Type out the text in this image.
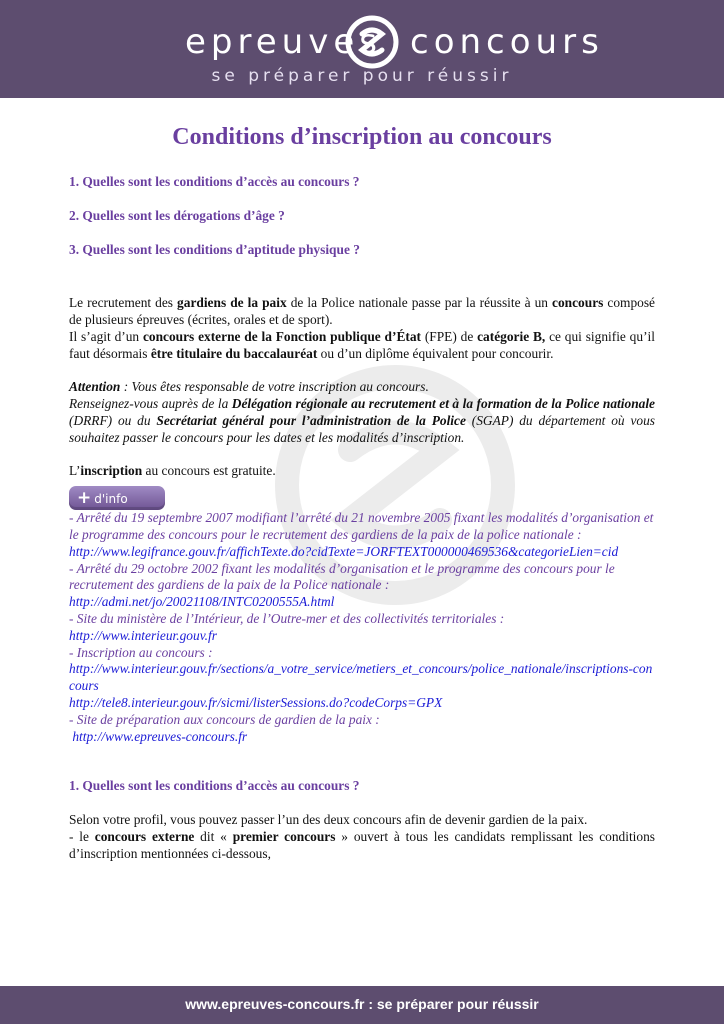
epreuves concours
se préparer pour réussir
Conditions d’inscription au concours
1. Quelles sont les conditions d’accès au concours ?
2. Quelles sont les dérogations d’âge ?
3. Quelles sont les conditions d’aptitude physique ?

Le recrutement des gardiens de la paix de la Police nationale passe par la réussite à un concours composé de plusieurs épreuves (écrites, orales et de sport).
Il s’agit d’un concours externe de la Fonction publique d’État (FPE) de catégorie B, ce qui signifie qu’il faut désormais être titulaire du baccalauréat ou d’un diplôme équivalent pour concourir.

Attention : Vous êtes responsable de votre inscription au concours.
Renseignez-vous auprès de la Délégation régionale au recrutement et à la formation de la Police nationale (DRRF) ou du Secrétariat général pour l’administration de la Police (SGAP) du département où vous souhaitez passer le concours pour les dates et les modalités d’inscription.

L’inscription au concours est gratuite.

+ d'info

- Arrêté du 19 septembre 2007 modifiant l’arrêté du 21 novembre 2005 fixant les modalités d’organisation et le programme des concours pour le recrutement des gardiens de la paix de la police nationale :
http://www.legifrance.gouv.fr/affichTexte.do?cidTexte=JORFTEXT000000469536&categorieLien=cid
- Arrêté du 29 octobre 2002 fixant les modalités d’organisation et le programme des concours pour le recrutement des gardiens de la paix de la Police nationale :
http://admi.net/jo/20021108/INTC0200555A.html
- Site du ministère de l’Intérieur, de l’Outre-mer et des collectivités territoriales :
http://www.interieur.gouv.fr
- Inscription au concours :
http://www.interieur.gouv.fr/sections/a_votre_service/metiers_et_concours/police_nationale/inscriptions-concours
http://tele8.interieur.gouv.fr/sicmi/listerSessions.do?codeCorps=GPX
- Site de préparation aux concours de gardien de la paix :
http://www.epreuves-concours.fr

1. Quelles sont les conditions d’accès au concours ?

Selon votre profil, vous pouvez passer l’un des deux concours afin de devenir gardien de la paix.
- le concours externe dit « premier concours » ouvert à tous les candidats remplissant les conditions d’inscription mentionnées ci-dessous,

www.epreuves-concours.fr : se préparer pour réussir
